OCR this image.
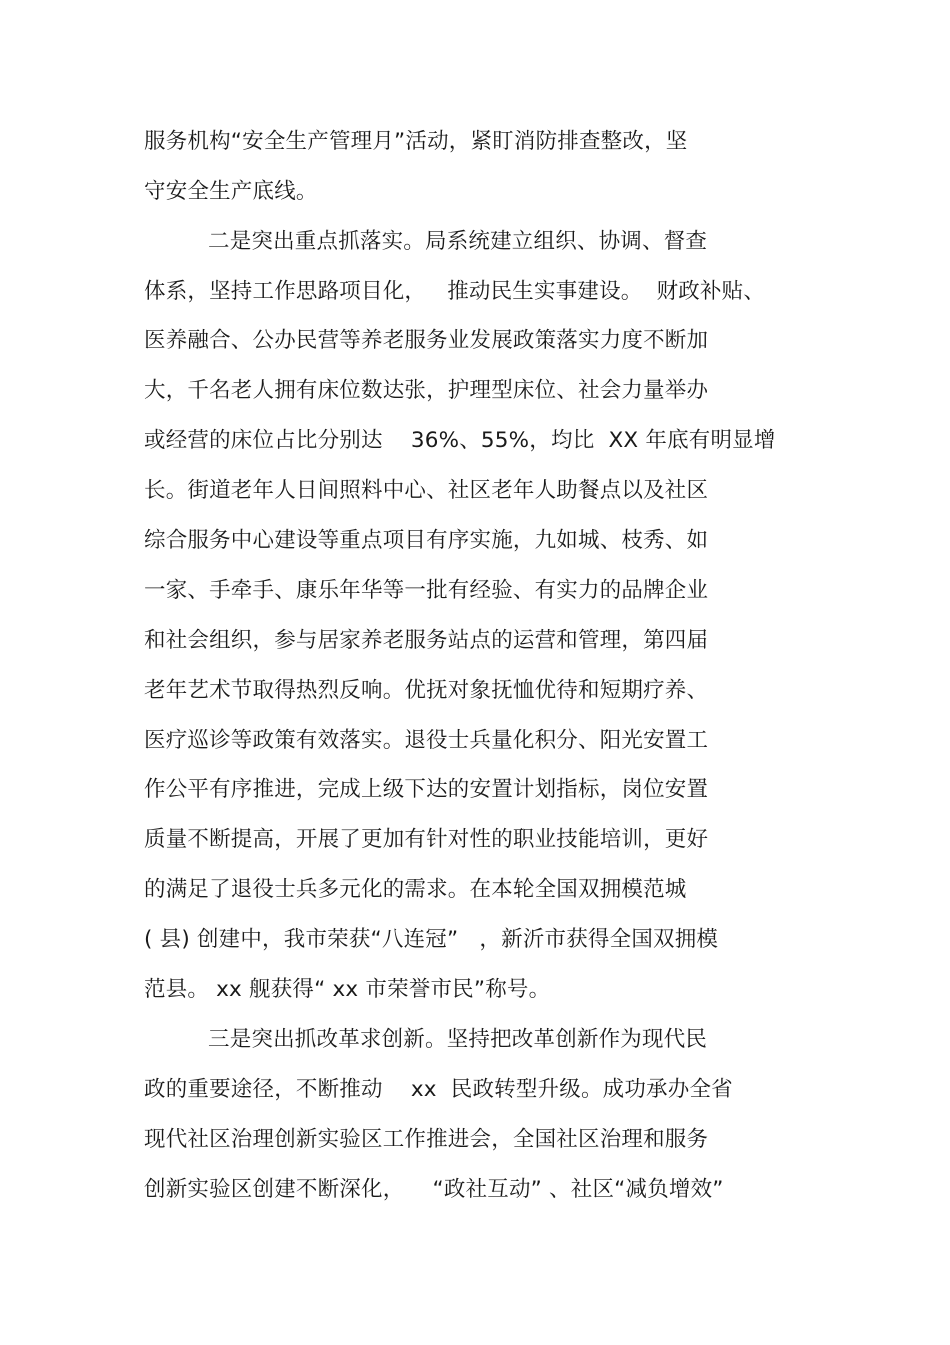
服务机构“安全生产管理月”活动，紧盯消防排查整改，坚
守安全生产底线。
二是突出重点抓落实。局系统建立组织、协调、督查
体系，坚持工作思路项目化，   推动民生实事建设。  财政补贴、
医养融合、公办民营等养老服务业发展政策落实力度不断加
大，千名老人拥有床位数达张，护理型床位、社会力量举办
或经营的床位占比分别达    36%、55%，均比  XX 年底有明显增
长。街道老年人日间照料中心、社区老年人助餐点以及社区
综合服务中心建设等重点项目有序实施，九如城、枝秀、如
一家、手牵手、康乐年华等一批有经验、有实力的品牌企业
和社会组织，参与居家养老服务站点的运营和管理，第四届
老年艺术节取得热烈反响。优抚对象抚恤优待和短期疗养、
医疗巡诊等政策有效落实。退役士兵量化积分、阳光安置工
作公平有序推进，完成上级下达的安置计划指标，岗位安置
质量不断提高，开展了更加有针对性的职业技能培训，更好
的满足了退役士兵多元化的需求。在本轮全国双拥模范城
( 县) 创建中，我市荣获“八连冠”   ，新沂市获得全国双拥模
范县。 xx 舰获得“ xx 市荣誉市民”称号。
三是突出抓改革求创新。坚持把改革创新作为现代民
政的重要途径，不断推动    xx  民政转型升级。成功承办全省
现代社区治理创新实验区工作推进会，全国社区治理和服务
创新实验区创建不断深化，    “政社互动” 、社区“减负增效”
